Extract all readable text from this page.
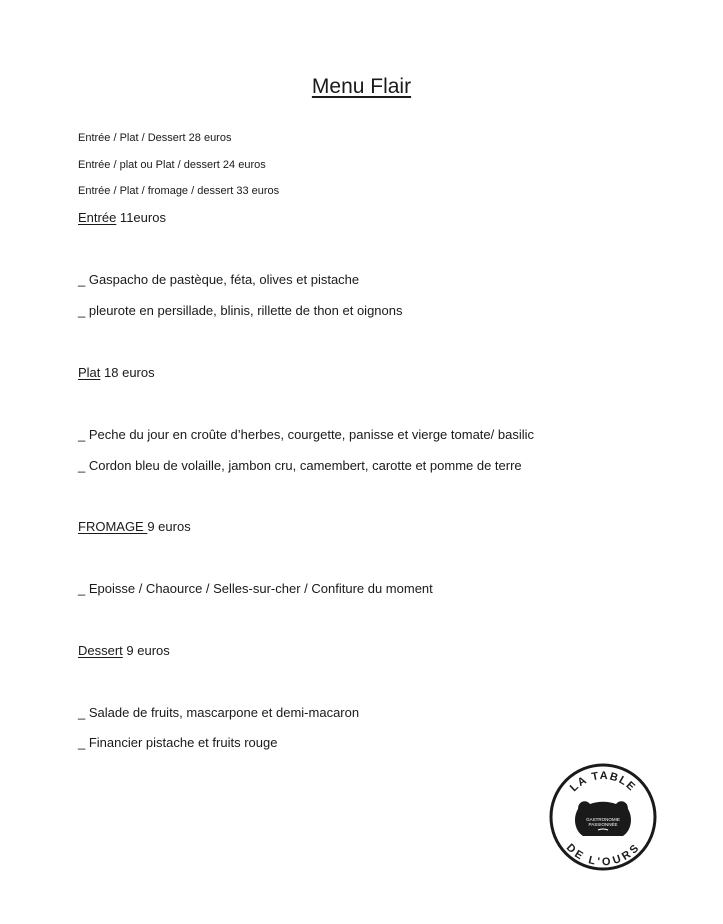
Menu Flair
Entrée / Plat / Dessert 28 euros
Entrée / plat ou Plat / dessert 24 euros
Entrée / Plat / fromage / dessert 33 euros
Entrée 11euros
_ Gaspacho de pastèque, féta, olives et pistache
_ pleurote en persillade, blinis, rillette de thon et oignons
Plat 18 euros
_ Peche du jour en croûte d’herbes, courgette, panisse et vierge tomate/ basilic
_ Cordon bleu de volaille, jambon cru, camembert, carotte et pomme de terre
FROMAGE 9 euros
_ Epoisse / Chaource / Selles-sur-cher / Confiture du moment
Dessert 9 euros
_ Salade de fruits, mascarpone et demi-macaron
_ Financier pistache et fruits rouge
LA TABLE
DE L'OURS
GASTRONOMIE
PASSIONNÉE
